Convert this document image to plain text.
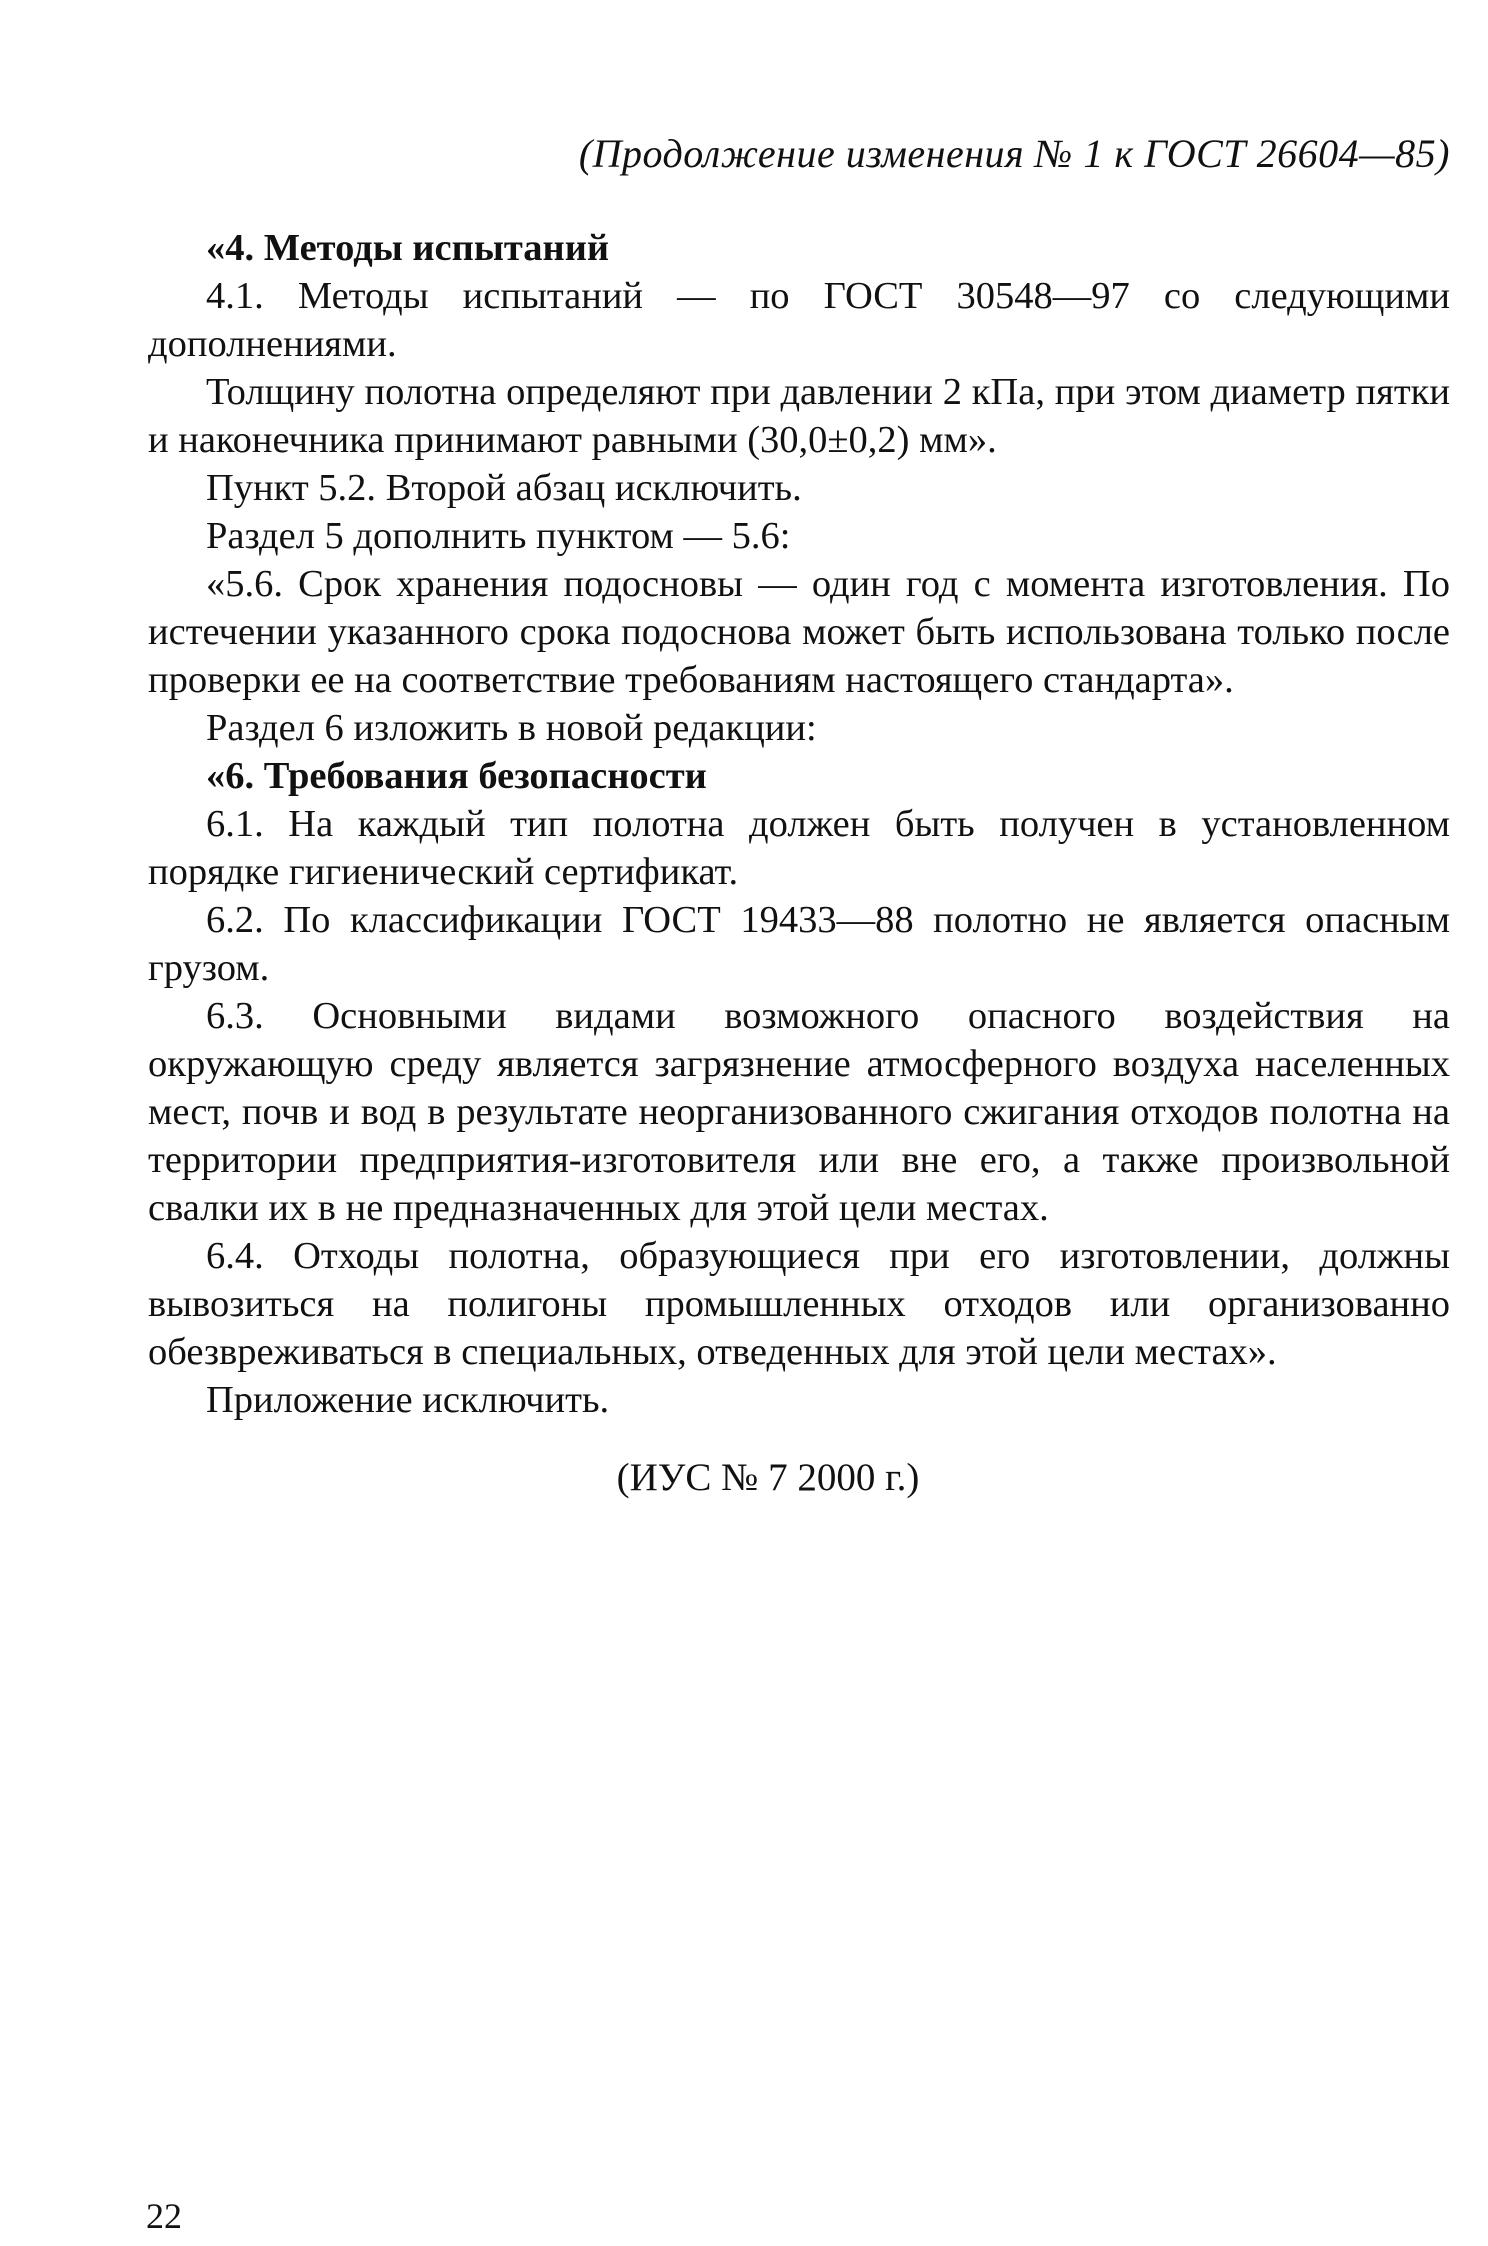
(Продолжение изменения № 1 к ГОСТ 26604—85)

«4. Методы испытаний

4.1. Методы испытаний — по ГОСТ 30548—97 со следующими дополнениями.

Толщину полотна определяют при давлении 2 кПа, при этом диаметр пятки и наконечника принимают равными (30,0±0,2) мм».

Пункт 5.2. Второй абзац исключить.

Раздел 5 дополнить пунктом — 5.6:

«5.6. Срок хранения подосновы — один год с момента изготовления. По истечении указанного срока подоснова может быть использована только после проверки ее на соответствие требованиям настоящего стандарта».

Раздел 6 изложить в новой редакции:

«6. Требования безопасности

6.1. На каждый тип полотна должен быть получен в установленном порядке гигиенический сертификат.

6.2. По классификации ГОСТ 19433—88 полотно не является опасным грузом.

6.3. Основными видами возможного опасного воздействия на окружающую среду является загрязнение атмосферного воздуха населенных мест, почв и вод в результате неорганизованного сжигания отходов полотна на территории предприятия-изготовителя или вне его, а также произвольной свалки их в не предназначенных для этой цели местах.

6.4. Отходы полотна, образующиеся при его изготовлении, должны вывозиться на полигоны промышленных отходов или организованно обезвреживаться в специальных, отведенных для этой цели местах».

Приложение исключить.

(ИУС № 7 2000 г.)
22
